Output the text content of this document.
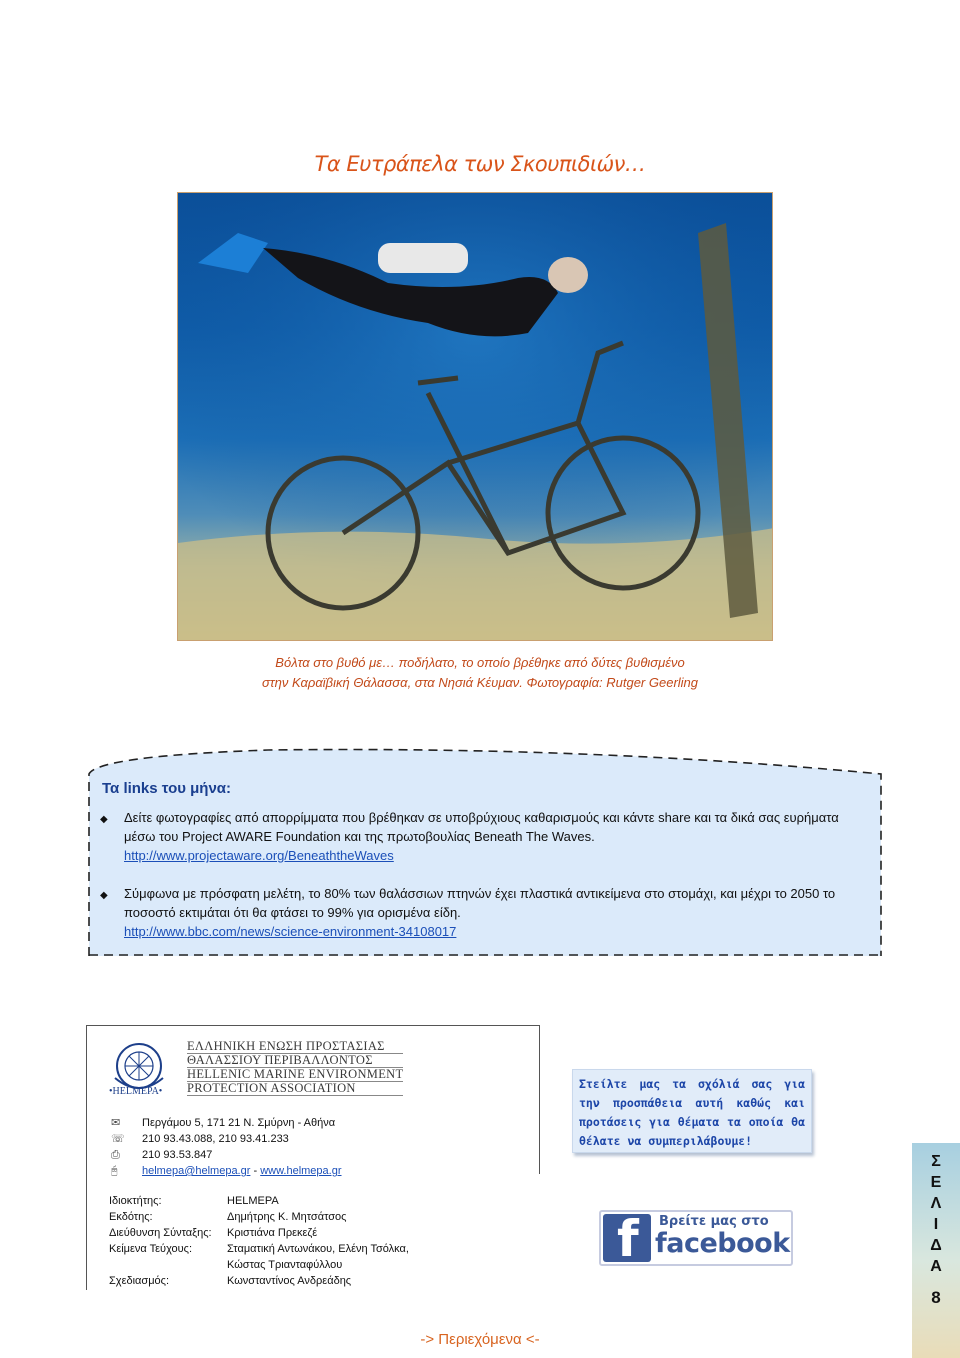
Τα Ευτράπελα των Σκουπιδιών…
Βόλτα στο βυθό με… ποδήλατο, το οποίο βρέθηκε από δύτες βυθισμένο
στην Καραϊβική Θάλασσα, στα Νησιά Κέυμαν. Φωτογραφία: Rutger Geerling
Τα links του μήνα:
◆ Δείτε φωτογραφίες από απορρίμματα που βρέθηκαν σε υποβρύχιους καθαρισμούς και κάντε share και τα δικά σας ευρήματα μέσω του Project AWARE Foundation και της πρωτοβουλίας Beneath The Waves.
http://www.projectaware.org/BeneaththeWaves
◆ Σύμφωνα με πρόσφατη μελέτη, το 80% των θαλάσσιων πτηνών έχει πλαστικά αντικείμενα στο στομάχι, και μέχρι το 2050 το ποσοστό εκτιμάται ότι θα φτάσει το 99% για ορισμένα είδη.
http://www.bbc.com/news/science-environment-34108017
•HELMEPA•
ΕΛΛΗΝΙΚΗ ΕΝΩΣΗ ΠΡΟΣΤΑΣΙΑΣ
ΘΑΛΑΣΣΙΟΥ ΠΕΡΙΒΑΛΛΟΝΤΟΣ
HELLENIC MARINE ENVIRONMENT
PROTECTION ASSOCIATION
✉ Περγάμου 5, 171 21 Ν. Σμύρνη - Αθήνα
☏ 210 93.43.088, 210 93.41.233
⎙ 210 93.53.847
🖰 helmepa@helmepa.gr - www.helmepa.gr
Ιδιοκτήτης:	HELMEPA
Εκδότης:	Δημήτρης Κ. Μητσάτσος
Διεύθυνση Σύνταξης:	Κριστιάνα Πρεκεζέ
Κείμενα Τεύχους:	Σταματική Αντωνάκου, Ελένη Τσόλκα,
Κώστας Τριανταφύλλου
Σχεδιασμός:	Κωνσταντίνος Ανδρεάδης
Στείλτε μας τα σχόλιά σας για την προσπάθεια αυτή καθώς και προτάσεις για θέματα τα οποία θα θέλατε να συμπεριλάβουμε!
f Βρείτε μας στο
facebook
Σ
Ε
Λ
Ι
Δ
Α
8
-> Περιεχόμενα <-
